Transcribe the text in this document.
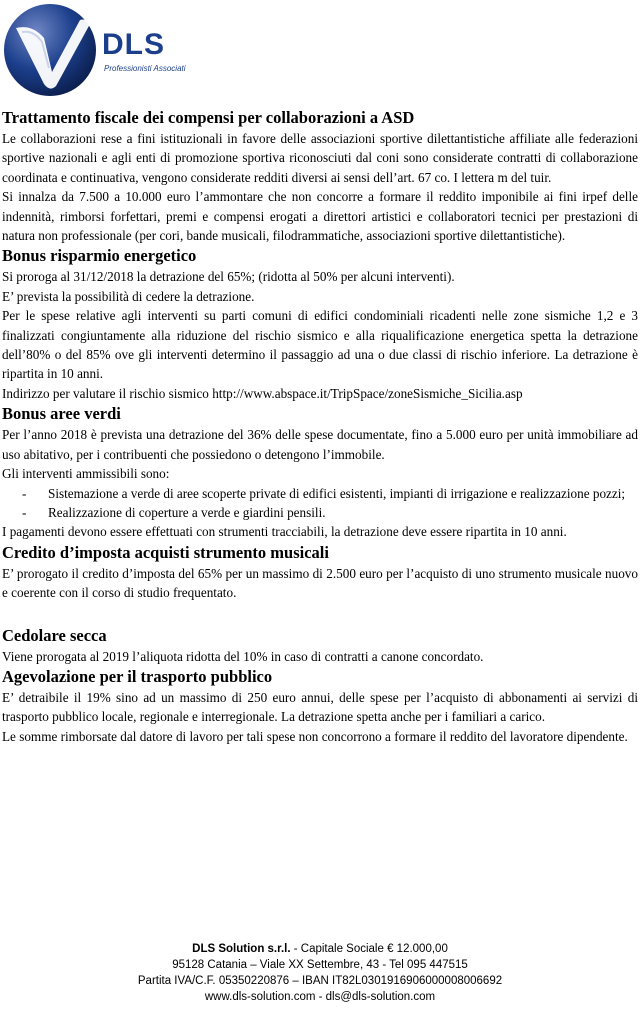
DLS
Professionisti Associati
Trattamento fiscale dei compensi per collaborazioni a ASD

Le collaborazioni rese a fini istituzionali in favore delle associazioni sportive dilettantistiche affiliate alle federazioni sportive nazionali e agli enti di promozione sportiva riconosciuti dal coni sono considerate contratti di collaborazione coordinata e continuativa, vengono considerate redditi diversi ai sensi dell’art. 67 co. I lettera m del tuir.

Si innalza da 7.500 a 10.000 euro l’ammontare che non concorre a formare il reddito imponibile ai fini irpef delle indennità, rimborsi forfettari, premi e compensi erogati a direttori artistici e collaboratori tecnici per prestazioni di natura non professionale (per cori, bande musicali, filodrammatiche, associazioni sportive dilettantistiche).

Bonus risparmio energetico

Si proroga al 31/12/2018 la detrazione del 65%; (ridotta al 50% per alcuni interventi).

E’ prevista la possibilità di cedere la detrazione.

Per le spese relative agli interventi su parti comuni di edifici condominiali ricadenti nelle zone sismiche 1,2 e 3 finalizzati congiuntamente alla riduzione del rischio sismico e alla riqualificazione energetica spetta la detrazione dell’80% o del 85% ove gli interventi determino il passaggio ad una o due classi di rischio inferiore. La detrazione è ripartita in 10 anni.

Indirizzo per valutare il rischio sismico http://www.abspace.it/TripSpace/zoneSismiche_Sicilia.asp

Bonus aree verdi

Per l’anno 2018 è prevista una detrazione del 36% delle spese documentate, fino a 5.000 euro per unità immobiliare ad uso abitativo, per i contribuenti che possiedono o detengono l’immobile.

Gli interventi ammissibili sono:

- Sistemazione a verde di aree scoperte private di edifici esistenti, impianti di irrigazione e realizzazione pozzi;
- Realizzazione di coperture a verde e giardini pensili.

I pagamenti devono essere effettuati con strumenti tracciabili, la detrazione deve essere ripartita in 10 anni.

Credito d’imposta acquisti strumento musicali

E’ prorogato il credito d’imposta del 65% per un massimo di 2.500 euro per l’acquisto di uno strumento musicale nuovo e coerente con il corso di studio frequentato.

Cedolare secca

Viene prorogata al 2019 l’aliquota ridotta del 10% in caso di contratti a canone concordato.

Agevolazione per il trasporto pubblico

E’ detraibile il 19% sino ad un massimo di 250 euro annui, delle spese per l’acquisto di abbonamenti ai servizi di trasporto pubblico locale, regionale e interregionale. La detrazione spetta anche per i familiari a carico.

Le somme rimborsate dal datore di lavoro per tali spese non concorrono a formare il reddito del lavoratore dipendente.

DLS Solution s.r.l. - Capitale Sociale € 12.000,00
95128 Catania – Viale XX Settembre, 43 - Tel 095 447515
Partita IVA/C.F. 05350220876 – IBAN IT82L0301916906000008006692
www.dls-solution.com - dls@dls-solution.com
